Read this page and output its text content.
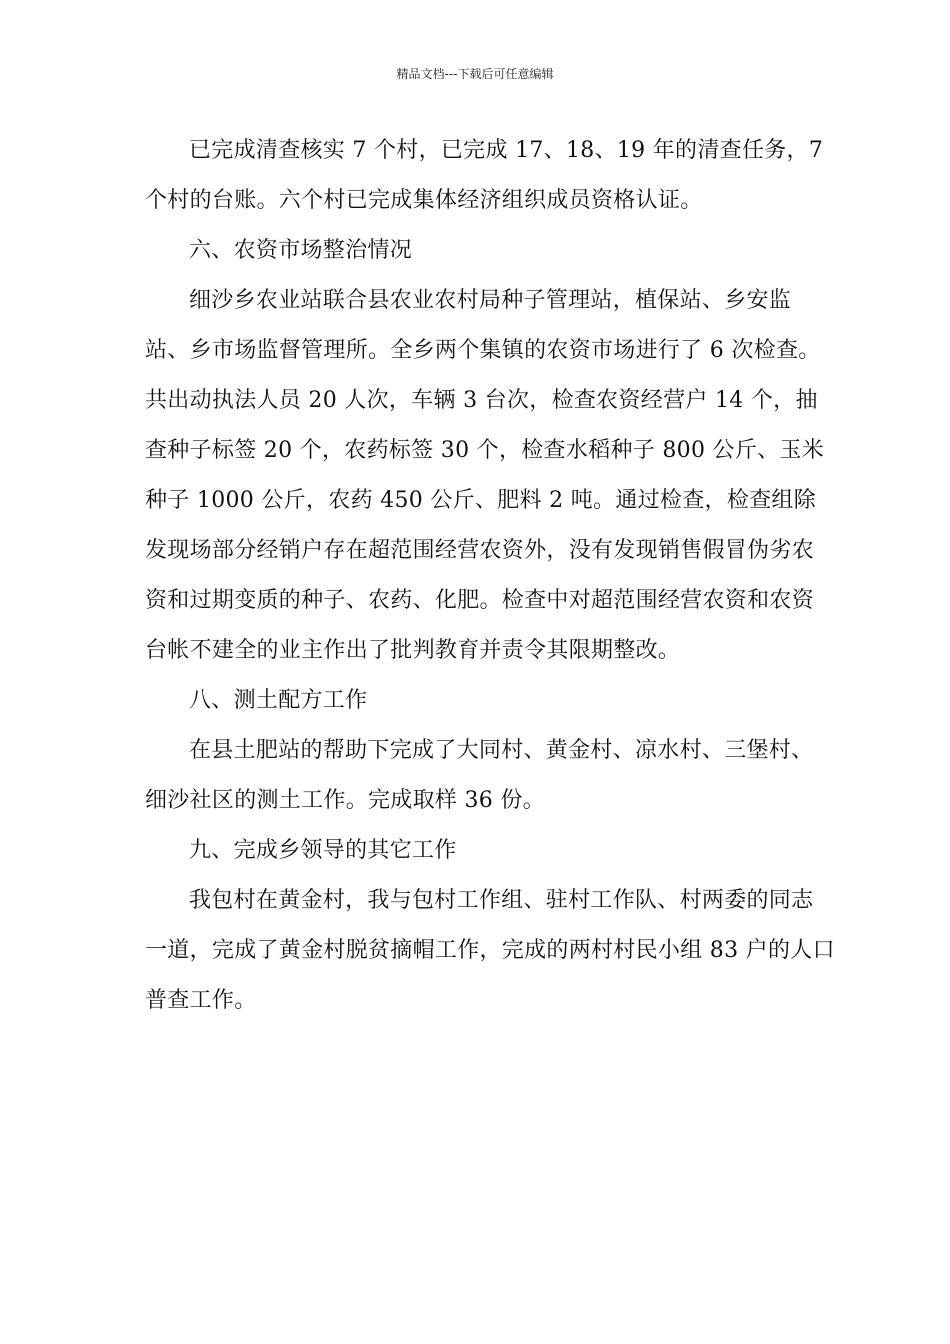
精品文档---下载后可任意编辑

已完成清查核实 7 个村，已完成 17、18、19 年的清查任务，7 个村的台账。六个村已完成集体经济组织成员资格认证。

六、农资市场整治情况

细沙乡农业站联合县农业农村局种子管理站，植保站、乡安监站、乡市场监督管理所。全乡两个集镇的农资市场进行了 6 次检查。共出动执法人员 20 人次，车辆 3 台次，检查农资经营户 14 个，抽查种子标签 20 个，农药标签 30 个，检查水稻种子 800 公斤、玉米种子 1000 公斤，农药 450 公斤、肥料 2 吨。通过检查，检查组除发现场部分经销户存在超范围经营农资外，没有发现销售假冒伪劣农资和过期变质的种子、农药、化肥。检查中对超范围经营农资和农资台帐不建全的业主作出了批判教育并责令其限期整改。

八、测土配方工作

在县土肥站的帮助下完成了大同村、黄金村、凉水村、三堡村、细沙社区的测土工作。完成取样 36 份。

九、完成乡领导的其它工作

我包村在黄金村，我与包村工作组、驻村工作队、村两委的同志一道，完成了黄金村脱贫摘帽工作，完成的两村村民小组 83 户的人口普查工作。
